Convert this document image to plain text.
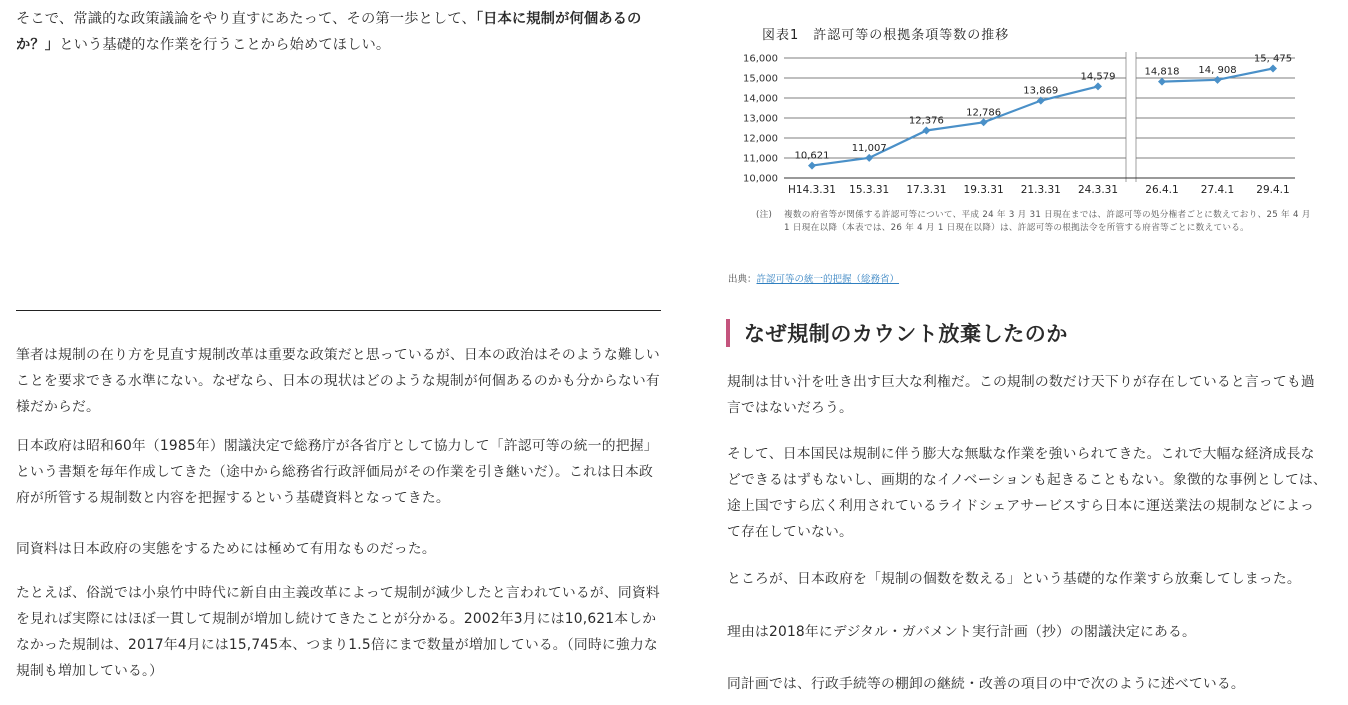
そこで、常識的な政策議論をやり直すにあたって、その第一歩として、「日本に規制が何個あるのか？」という基礎的な作業を行うことから始めてほしい。

筆者は規制の在り方を見直す規制改革は重要な政策だと思っているが、日本の政治はそのような難しいことを要求できる水準にない。なぜなら、日本の現状はどのような規制が何個あるのかも分からない有様だからだ。

日本政府は昭和60年（1985年）閣議決定で総務庁が各省庁として協力して「許認可等の統一的把握」という書類を毎年作成してきた（途中から総務省行政評価局がその作業を引き継いだ）。これは日本政府が所管する規制数と内容を把握するという基礎資料となってきた。

同資料は日本政府の実態をするためには極めて有用なものだった。

たとえば、俗説では小泉竹中時代に新自由主義改革によって規制が減少したと言われているが、同資料を見れば実際にはほぼ一貫して規制が増加し続けてきたことが分かる。2002年3月には10,621本しかなかった規制は、2017年4月には15,745本、つまり1.5倍にまで数量が増加している。（同時に強力な規制も増加している。）

図表1　許認可等の根拠条項等数の推移
10,000
11,000
12,000
13,000
14,000
15,000
16,000
10,621
H14.3.31
11,007
15.3.31
12,376
17.3.31
12,786
19.3.31
13,869
21.3.31
14,579
24.3.31
14,818
26.4.1
14, 908
27.4.1
15, 475
29.4.1
(注)	複数の府省等が関係する許認可等について、平成 24 年 3 月 31 日現在までは、許認可等の処分権者ごとに数えており、25 年 4 月 1 日現在以降（本表では、26 年 4 月 1 日現在以降）は、許認可等の根拠法令を所管する府省等ごとに数えている。
出典：許認可等の統一的把握（総務省）
なぜ規制のカウント放棄したのか

規制は甘い汁を吐き出す巨大な利権だ。この規制の数だけ天下りが存在していると言っても過言ではないだろう。

そして、日本国民は規制に伴う膨大な無駄な作業を強いられてきた。これで大幅な経済成長などできるはずもないし、画期的なイノベーションも起きることもない。象徴的な事例としては、途上国ですら広く利用されているライドシェアサービスすら日本に運送業法の規制などによって存在していない。

ところが、日本政府を「規制の個数を数える」という基礎的な作業すら放棄してしまった。

理由は2018年にデジタル・ガバメント実行計画（抄）の閣議決定にある。

同計画では、行政手続等の棚卸の継続・改善の項目の中で次のように述べている。
